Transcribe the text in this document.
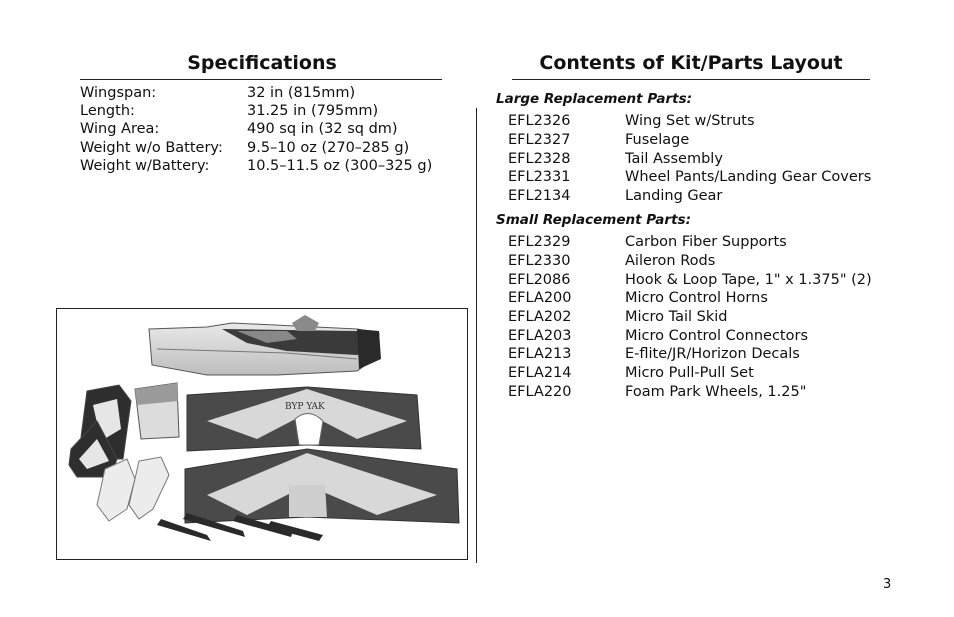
Specifications
Wingspan:	32 in (815mm)
Length:	31.25 in (795mm)
Wing Area:	490 sq in (32 sq dm)
Weight w/o Battery: 9.5–10 oz (270–285 g)
Weight w/Battery:	10.5–11.5 oz (300–325 g)
BYP YAK
Contents of Kit/Parts Layout
Large Replacement Parts:
EFL2326	Wing Set w/Struts
EFL2327	Fuselage
EFL2328	Tail Assembly
EFL2331	Wheel Pants/Landing Gear Covers
EFL2134	Landing Gear
Small Replacement Parts:
EFL2329	Carbon Fiber Supports
EFL2330	Aileron Rods
EFL2086	Hook & Loop Tape, 1" x 1.375" (2)
EFLA200	Micro Control Horns
EFLA202	Micro Tail Skid
EFLA203	Micro Control Connectors
EFLA213	E-flite/JR/Horizon Decals
EFLA214	Micro Pull-Pull Set
EFLA220	Foam Park Wheels, 1.25"
3
